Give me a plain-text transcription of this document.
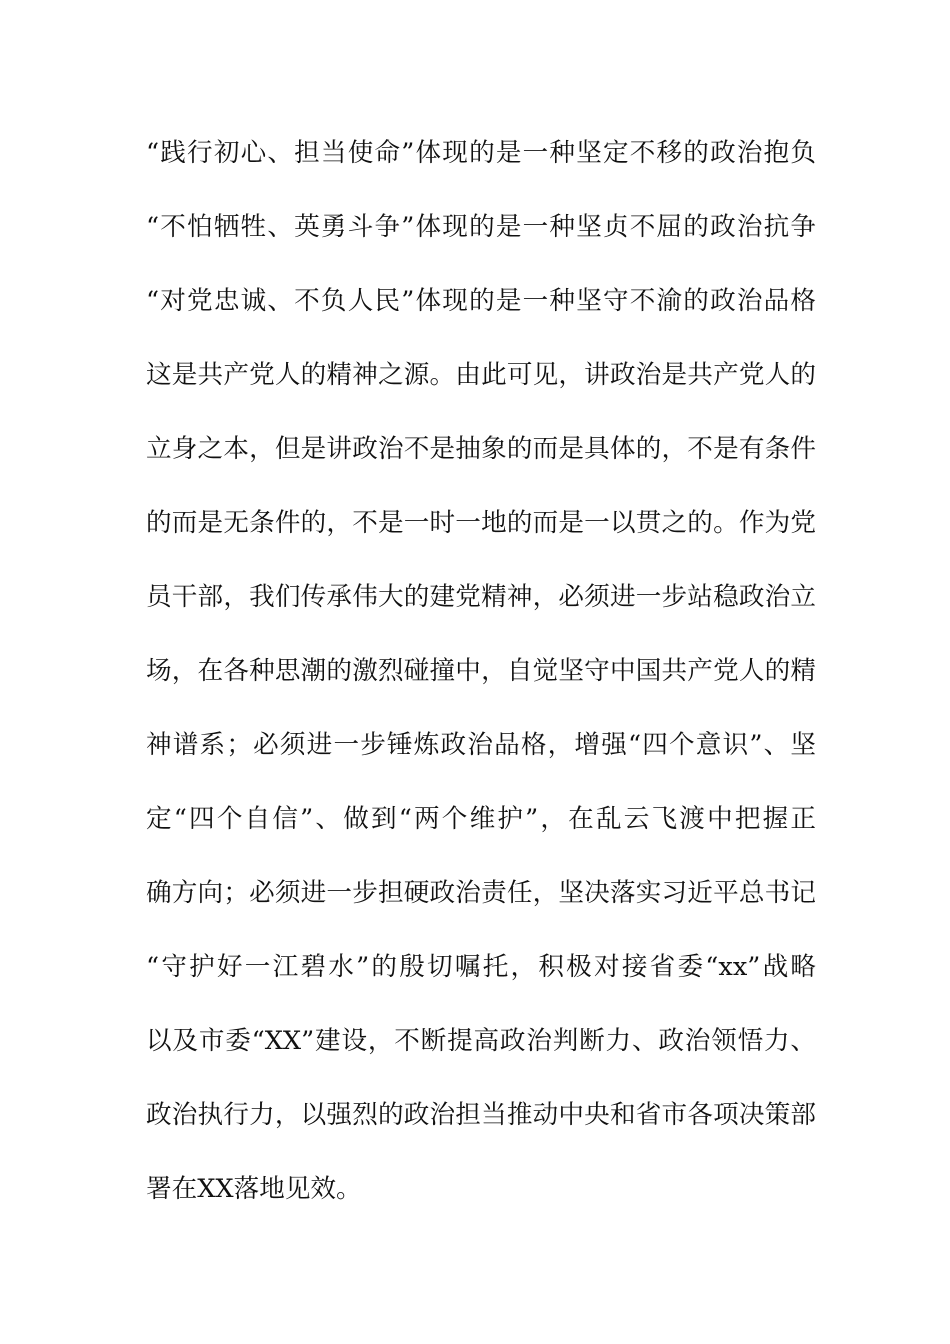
“践行初心、担当使命”体现的是一种坚定不移的政治抱负
“不怕牺牲、英勇斗争”体现的是一种坚贞不屈的政治抗争
“对党忠诚、不负人民”体现的是一种坚守不渝的政治品格
这是共产党人的精神之源。由此可见，讲政治是共产党人的
立身之本，但是讲政治不是抽象的而是具体的，不是有条件
的而是无条件的，不是一时一地的而是一以贯之的。作为党
员干部，我们传承伟大的建党精神，必须进一步站稳政治立
场，在各种思潮的激烈碰撞中，自觉坚守中国共产党人的精
神谱系；必须进一步锤炼政治品格，增强“四个意识”、坚
定“四个自信”、做到“两个维护”，在乱云飞渡中把握正
确方向；必须进一步担硬政治责任，坚决落实习近平总书记
“守护好一江碧水”的殷切嘱托，积极对接省委“xx”战略
以及市委“XX”建设，不断提高政治判断力、政治领悟力、
政治执行力，以强烈的政治担当推动中央和省市各项决策部
署在XX落地见效。
